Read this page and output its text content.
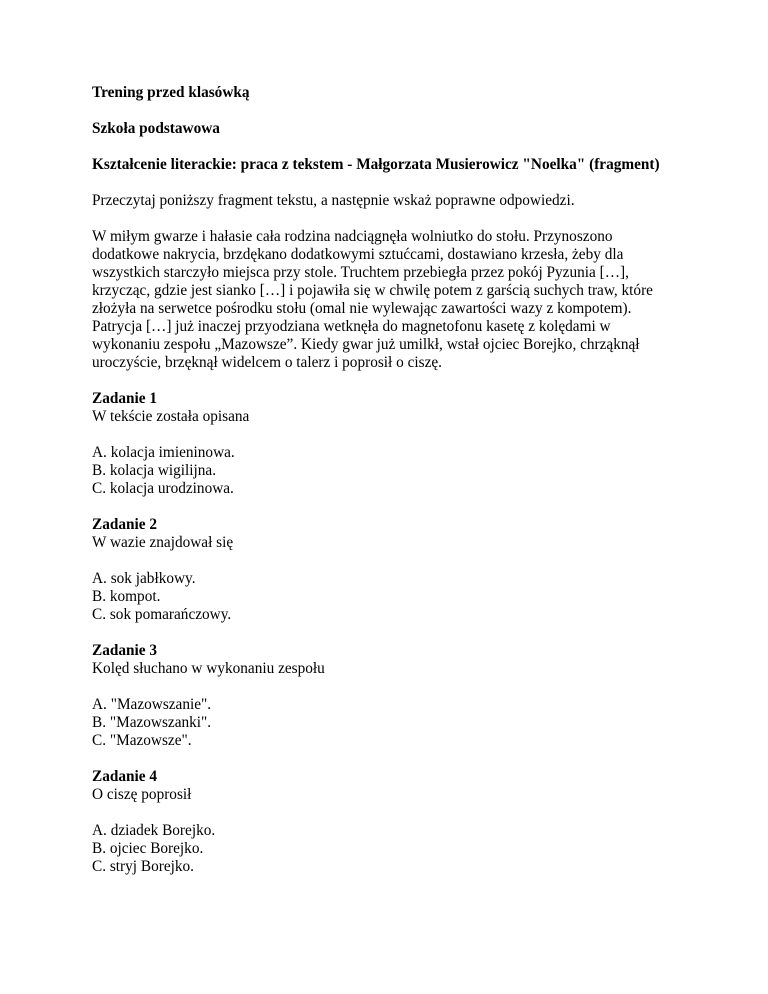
Trening przed klasówką
Szkoła podstawowa
Kształcenie literackie: praca z tekstem - Małgorzata Musierowicz "Noelka" (fragment)
Przeczytaj poniższy fragment tekstu, a następnie wskaż poprawne odpowiedzi.
W miłym gwarze i hałasie cała rodzina nadciągnęła wolniutko do stołu. Przynoszono
dodatkowe nakrycia, brzdękano dodatkowymi sztućcami, dostawiano krzesła, żeby dla
wszystkich starczyło miejsca przy stole. Truchtem przebiegła przez pokój Pyzunia […],
krzycząc, gdzie jest sianko […] i pojawiła się w chwilę potem z garścią suchych traw, które
złożyła na serwetce pośrodku stołu (omal nie wylewając zawartości wazy z kompotem).
Patrycja […] już inaczej przyodziana wetknęła do magnetofonu kasetę z kolędami w
wykonaniu zespołu „Mazowsze”. Kiedy gwar już umilkł, wstał ojciec Borejko, chrząknął
uroczyście, brzęknął widelcem o talerz i poprosił o ciszę.
Zadanie 1
W tekście została opisana
A. kolacja imieninowa.
B. kolacja wigilijna.
C. kolacja urodzinowa.
Zadanie 2
W wazie znajdował się
A. sok jabłkowy.
B. kompot.
C. sok pomarańczowy.
Zadanie 3
Kolęd słuchano w wykonaniu zespołu
A. "Mazowszanie".
B. "Mazowszanki".
C. "Mazowsze".
Zadanie 4
O ciszę poprosił
A. dziadek Borejko.
B. ojciec Borejko.
C. stryj Borejko.
